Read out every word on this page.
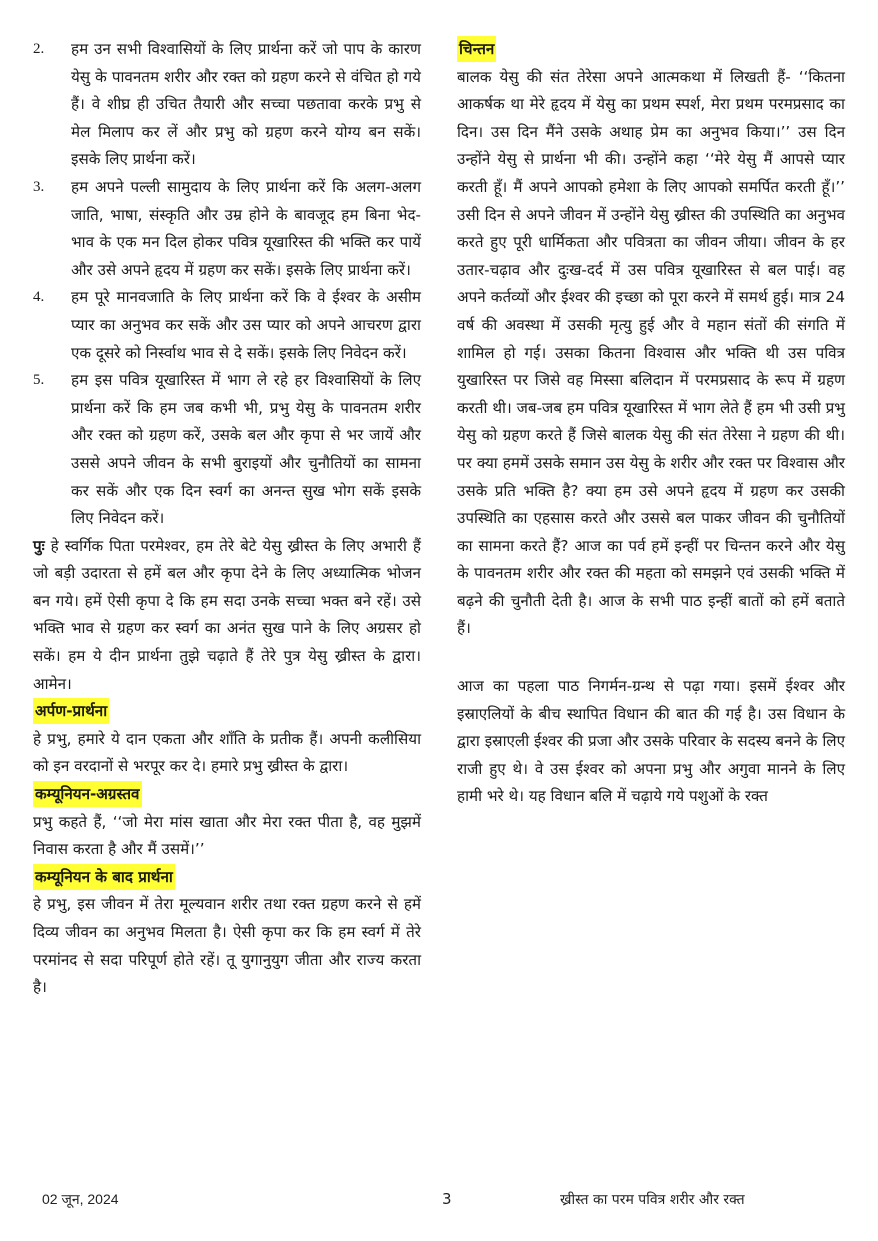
2.	हम उन सभी विश्वासियों के लिए प्रार्थना करें जो पाप के कारण येसु के पावनतम शरीर और रक्त को ग्रहण करने से वंचित हो गये हैं। वे शीघ्र ही उचित तैयारी और सच्चा पछतावा करके प्रभु से मेल मिलाप कर लें और प्रभु को ग्रहण करने योग्य बन सकें। इसके लिए प्रार्थना करें।
3.	हम अपने पल्ली सामुदाय के लिए प्रार्थना करें कि अलग-अलग जाति, भाषा, संस्कृति और उम्र होने के बावजूद हम बिना भेद-भाव के एक मन दिल होकर पवित्र यूखारिस्त की भक्ति कर पायें और उसे अपने हृदय में ग्रहण कर सकें। इसके लिए प्रार्थना करें।
4.	हम पूरे मानवजाति के लिए प्रार्थना करें कि वे ईश्वर के असीम प्यार का अनुभव कर सकें और उस प्यार को अपने आचरण द्वारा एक दूसरे को निर्स्वाथ भाव से दे सकें। इसके लिए निवेदन करें।
5.	हम इस पवित्र यूखारिस्त में भाग ले रहे हर विश्वासियों के लिए प्रार्थना करें कि हम जब कभी भी, प्रभु येसु के पावनतम शरीर और रक्त को ग्रहण करें, उसके बल और कृपा से भर जायें और उससे अपने जीवन के सभी बुराइयों और चुनौतियों का सामना कर सकें और एक दिन स्वर्ग का अनन्त सुख भोग सकें इसके लिए निवेदन करें।
पुः हे स्वर्गिक पिता परमेश्वर, हम तेरे बेटे येसु ख्रीस्त के लिए अभारी हैं जो बड़ी उदारता से हमें बल और कृपा देने के लिए अध्यात्मिक भोजन बन गये। हमें ऐसी कृपा दे कि हम सदा उनके सच्चा भक्त बने रहें। उसे भक्ति भाव से ग्रहण कर स्वर्ग का अनंत सुख पाने के लिए अग्रसर हो सकें। हम ये दीन प्रार्थना तुझे चढ़ाते हैं तेरे पुत्र येसु ख्रीस्त के द्वारा। आमेन।
अर्पण-प्रार्थना
हे प्रभु, हमारे ये दान एकता और शाँति के प्रतीक हैं। अपनी कलीसिया को इन वरदानों से भरपूर कर दे। हमारे प्रभु ख्रीस्त के द्वारा।
कम्यूनियन-अग्रस्तव
प्रभु कहते हैं, ‘‘जो मेरा मांस खाता और मेरा रक्त पीता है, वह मुझमें निवास करता है और मैं उसमें।’’
कम्यूनियन के बाद प्रार्थना
हे प्रभु, इस जीवन में तेरा मूल्यवान शरीर तथा रक्त ग्रहण करने से हमें दिव्य जीवन का अनुभव मिलता है। ऐसी कृपा कर कि हम स्वर्ग में तेरे परमांनद से सदा परिपूर्ण होते रहें। तू युगानुयुग जीता और राज्य करता है।
चिन्तन
बालक येसु की संत तेरेसा अपने आत्मकथा में लिखती हैं- ‘‘कितना आकर्षक था मेरे हृदय में येसु का प्रथम स्पर्श, मेरा प्रथम परमप्रसाद का दिन। उस दिन मैंने उसके अथाह प्रेम का अनुभव किया।’’ उस दिन उन्होंने येसु से प्रार्थना भी की। उन्होंने कहा ‘‘मेरे येसु मैं आपसे प्यार करती हूँ। मैं अपने आपको हमेशा के लिए आपको समर्पित करती हूँ।’’ उसी दिन से अपने जीवन में उन्होंने येसु ख्रीस्त की उपस्थिति का अनुभव करते हुए पूरी धार्मिकता और पवित्रता का जीवन जीया। जीवन के हर उतार-चढ़ाव और दुःख-दर्द में उस पवित्र यूखारिस्त से बल पाई। वह अपने कर्तव्यों और ईश्वर की इच्छा को पूरा करने में समर्थ हुई। मात्र 24 वर्ष की अवस्था में उसकी मृत्यु हुई और वे महान संतों की संगति में शामिल हो गई। उसका कितना विश्वास और भक्ति थी उस पवित्र युखारिस्त पर जिसे वह मिस्सा बलिदान में परमप्रसाद के रूप में ग्रहण करती थी। जब-जब हम पवित्र यूखारिस्त में भाग लेते हैं हम भी उसी प्रभु येसु को ग्रहण करते हैं जिसे बालक येसु की संत तेरेसा ने ग्रहण की थी। पर क्या हममें उसके समान उस येसु के शरीर और रक्त पर विश्वास और उसके प्रति भक्ति है? क्या हम उसे अपने हृदय में ग्रहण कर उसकी उपस्थिति का एहसास करते और उससे बल पाकर जीवन की चुनौतियों का सामना करते हैं? आज का पर्व हमें इन्हीं पर चिन्तन करने और येसु के पावनतम शरीर और रक्त की महता को समझने एवं उसकी भक्ति में बढ़ने की चुनौती देती है। आज के सभी पाठ इन्हीं बातों को हमें बताते हैं।
आज का पहला पाठ निगर्मन-ग्रन्थ से पढ़ा गया। इसमें ईश्वर और इस्राएलियों के बीच स्थापित विधान की बात की गई है। उस विधान के द्वारा इस्राएली ईश्वर की प्रजा और उसके परिवार के सदस्य बनने के लिए राजी हुए थे। वे उस ईश्वर को अपना प्रभु और अगुवा मानने के लिए हामी भरे थे। यह विधान बलि में चढ़ाये गये पशुओं के रक्त
02 जून, 2024	3	ख्रीस्त का परम पवित्र शरीर और रक्त
